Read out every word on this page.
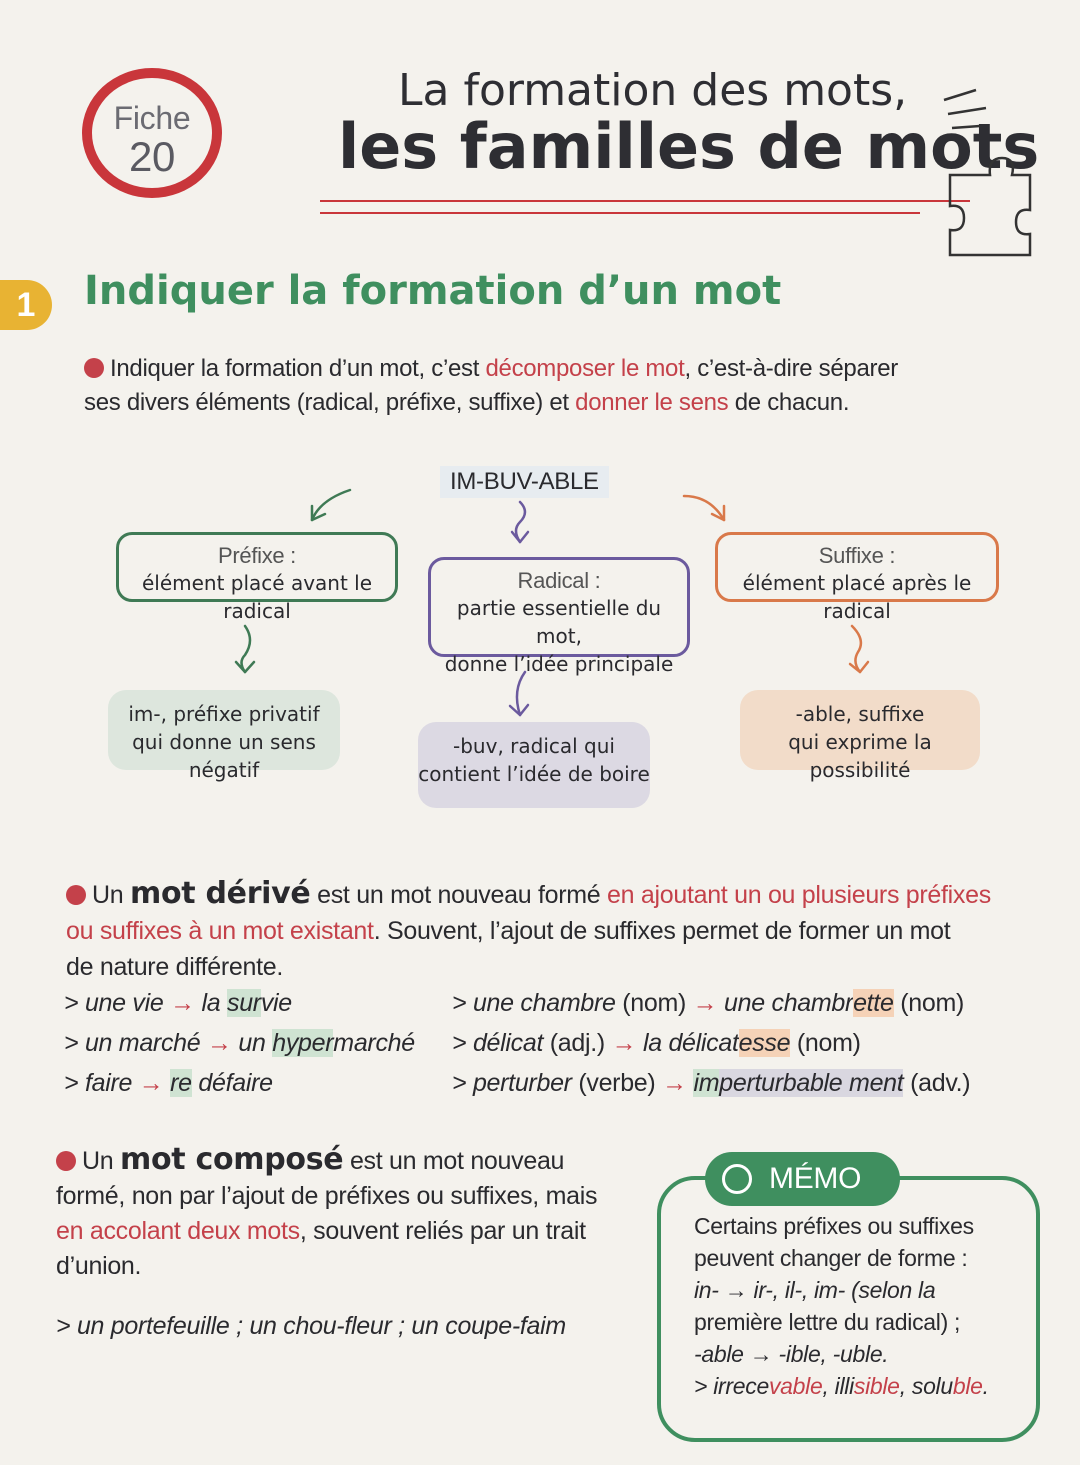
Fiche
20
La formation des mots,
les familles de mots
1	Indiquer la formation d’un mot
Indiquer la formation d’un mot, c’est décomposer le mot, c’est-à-dire séparer
ses divers éléments (radical, préfixe, suffixe) et donner le sens de chacun.
IM-BUV-ABLE
Préfixe :
élément placé avant le radical
Radical :
partie essentielle du mot,
donne l’idée principale
Suffixe :
élément placé après le radical
im-, préfixe privatif
qui donne un sens négatif
-buv, radical qui
contient l’idée de boire
-able, suffixe
qui exprime la possibilité
Un mot dérivé est un mot nouveau formé en ajoutant un ou plusieurs préfixes
ou suffixes à un mot existant. Souvent, l’ajout de suffixes permet de former un mot
de nature différente.
> une vie → la survie
> un marché → un hypermarché
> faire → re défaire
> une chambre (nom) → une chambrette (nom)
> délicat (adj.) → la délicatesse (nom)
> perturber (verbe) → imperturbable ment (adv.)
Un mot composé est un mot nouveau
formé, non par l’ajout de préfixes ou suffixes, mais
en accolant deux mots, souvent reliés par un trait
d’union.
> un portefeuille ; un chou-fleur ; un coupe-faim
MÉMO
Certains préfixes ou suffixes
peuvent changer de forme :
in- → ir-, il-, im- (selon la
première lettre du radical) ;
-able → -ible, -uble.
> irrecevable, illisible, soluble.
